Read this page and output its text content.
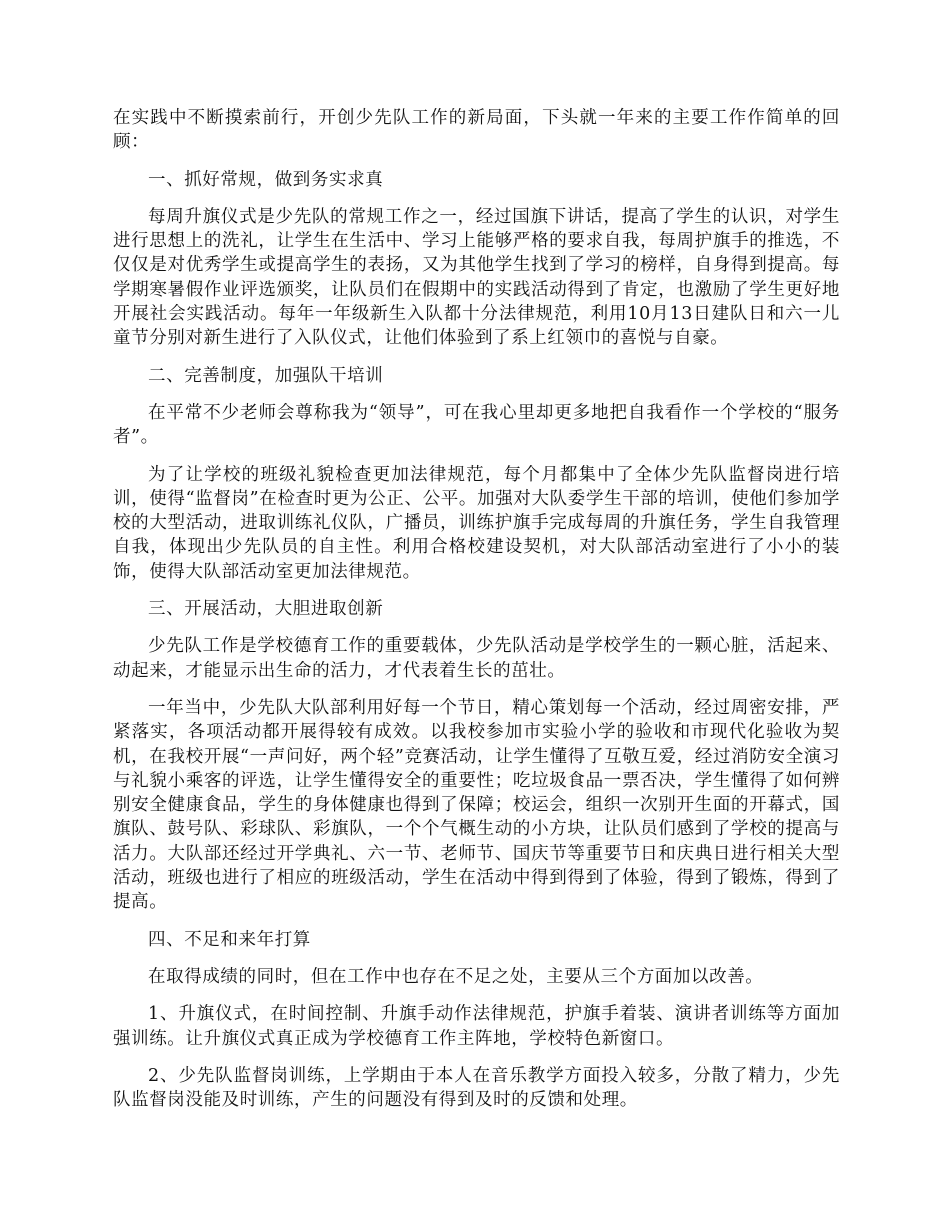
在实践中不断摸索前行，开创少先队工作的新局面，下头就一年来的主要工作作简单的回顾：

一、抓好常规，做到务实求真

每周升旗仪式是少先队的常规工作之一，经过国旗下讲话，提高了学生的认识，对学生进行思想上的洗礼，让学生在生活中、学习上能够严格的要求自我，每周护旗手的推选，不仅仅是对优秀学生或提高学生的表扬，又为其他学生找到了学习的榜样，自身得到提高。每学期寒暑假作业评选颁奖，让队员们在假期中的实践活动得到了肯定，也激励了学生更好地开展社会实践活动。每年一年级新生入队都十分法律规范，利用10月13日建队日和六一儿童节分别对新生进行了入队仪式，让他们体验到了系上红领巾的喜悦与自豪。

二、完善制度，加强队干培训

在平常不少老师会尊称我为“领导”，可在我心里却更多地把自我看作一个学校的“服务者”。

为了让学校的班级礼貌检查更加法律规范，每个月都集中了全体少先队监督岗进行培训，使得“监督岗”在检查时更为公正、公平。加强对大队委学生干部的培训，使他们参加学校的大型活动，进取训练礼仪队，广播员，训练护旗手完成每周的升旗任务，学生自我管理自我，体现出少先队员的自主性。利用合格校建设契机，对大队部活动室进行了小小的装饰，使得大队部活动室更加法律规范。

三、开展活动，大胆进取创新

少先队工作是学校德育工作的重要载体，少先队活动是学校学生的一颗心脏，活起来、动起来，才能显示出生命的活力，才代表着生长的茁壮。

一年当中，少先队大队部利用好每一个节日，精心策划每一个活动，经过周密安排，严紧落实，各项活动都开展得较有成效。以我校参加市实验小学的验收和市现代化验收为契机，在我校开展“一声问好，两个轻”竞赛活动，让学生懂得了互敬互爱，经过消防安全演习与礼貌小乘客的评选，让学生懂得安全的重要性；吃垃圾食品一票否决，学生懂得了如何辨别安全健康食品，学生的身体健康也得到了保障；校运会，组织一次别开生面的开幕式，国旗队、鼓号队、彩球队、彩旗队，一个个气概生动的小方块，让队员们感到了学校的提高与活力。大队部还经过开学典礼、六一节、老师节、国庆节等重要节日和庆典日进行相关大型活动，班级也进行了相应的班级活动，学生在活动中得到得到了体验，得到了锻炼，得到了提高。

四、不足和来年打算

在取得成绩的同时，但在工作中也存在不足之处，主要从三个方面加以改善。

1、升旗仪式，在时间控制、升旗手动作法律规范，护旗手着装、演讲者训练等方面加强训练。让升旗仪式真正成为学校德育工作主阵地，学校特色新窗口。

2、少先队监督岗训练，上学期由于本人在音乐教学方面投入较多，分散了精力，少先队监督岗没能及时训练，产生的问题没有得到及时的反馈和处理。
